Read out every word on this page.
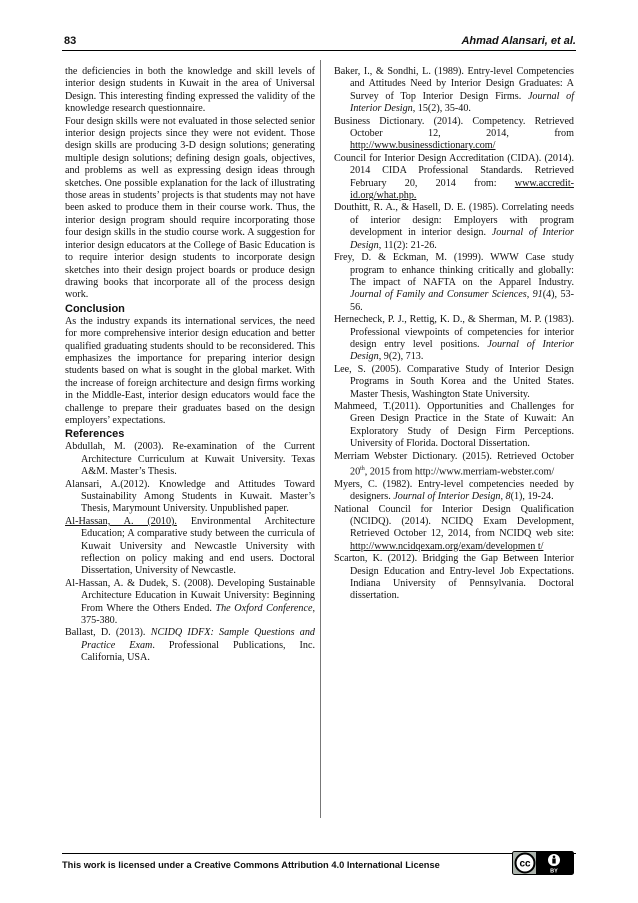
83	Ahmad Alansari, et al.

the deficiencies in both the knowledge and skill levels of interior design students in Kuwait in the area of Universal Design. This interesting finding expressed the validity of the knowledge research questionnaire.

Four design skills were not evaluated in those selected senior interior design projects since they were not evident. Those design skills are producing 3-D design solutions; generating multiple design solutions; defining design goals, objectives, and problems as well as expressing design ideas through sketches. One possible explanation for the lack of illustrating those areas in students’ projects is that students may not have been asked to produce them in their course work. Thus, the interior design program should require incorporating those four design skills in the studio course work. A suggestion for interior design educators at the College of Basic Education is to require interior design students to incorporate design sketches into their design project boards or produce design drawing books that incorporate all of the process design work.

Conclusion

As the industry expands its international services, the need for more comprehensive interior design education and better qualified graduating students should to be reconsidered. This emphasizes the importance for preparing interior design students based on what is sought in the global market. With the increase of foreign architecture and design firms working in the Middle-East, interior design educators would face the challenge to prepare their graduates based on the design employers’ expectations.

References

Abdullah, M. (2003). Re-examination of the Current Architecture Curriculum at Kuwait University. Texas A&M. Master’s Thesis.

Alansari, A.(2012). Knowledge and Attitudes Toward Sustainability Among Students in Kuwait. Master’s Thesis, Marymount University. Unpublished paper.

Al-Hassan, A. (2010). Environmental Architecture Education; A comparative study between the curricula of Kuwait University and Newcastle University with reflection on policy making and end users. Doctoral Dissertation, University of Newcastle.

Al-Hassan, A. & Dudek, S. (2008). Developing Sustainable Architecture Education in Kuwait University: Beginning From Where the Others Ended. The Oxford Conference, 375-380.

Ballast, D. (2013). NCIDQ IDFX: Sample Questions and Practice Exam. Professional Publications, Inc. California, USA.

Baker, I., & Sondhi, L. (1989). Entry-level Competencies and Attitudes Need by Interior Design Graduates: A Survey of Top Interior Design Firms. Journal of Interior Design, 15(2), 35-40.

Business Dictionary. (2014). Competency. Retrieved October 12, 2014, from http://www.businessdictionary.com/

Council for Interior Design Accreditation (CIDA). (2014). 2014 CIDA Professional Standards. Retrieved February 20, 2014 from: www.accredit-id.org/what.php.

Douthitt, R. A., & Hasell, D. E. (1985). Correlating needs of interior design: Employers with program development in interior design. Journal of Interior Design, 11(2): 21-26.

Frey, D. & Eckman, M. (1999). WWW Case study program to enhance thinking critically and globally: The impact of NAFTA on the Apparel Industry. Journal of Family and Consumer Sciences, 91(4), 53-56.

Hernecheck, P. J., Rettig, K. D., & Sherman, M. P. (1983). Professional viewpoints of competencies for interior design entry level positions. Journal of Interior Design, 9(2), 713.

Lee, S. (2005). Comparative Study of Interior Design Programs in South Korea and the United States. Master Thesis, Washington State University.

Mahmeed, T.(2011). Opportunities and Challenges for Green Design Practice in the State of Kuwait: An Exploratory Study of Design Firm Perceptions. University of Florida. Doctoral Dissertation.

Merriam Webster Dictionary. (2015). Retrieved October 20th, 2015 from http://www.merriam-webster.com/

Myers, C. (1982). Entry-level competencies needed by designers. Journal of Interior Design, 8(1), 19-24.

National Council for Interior Design Qualification (NCIDQ). (2014). NCIDQ Exam Development, Retrieved October 12, 2014, from NCIDQ web site: http://www.ncidqexam.org/exam/developmen t/

Scarton, K. (2012). Bridging the Gap Between Interior Design Education and Entry-level Job Expectations. Indiana University of Pennsylvania. Doctoral dissertation.

This work is licensed under a Creative Commons Attribution 4.0 International License	cc
BY
